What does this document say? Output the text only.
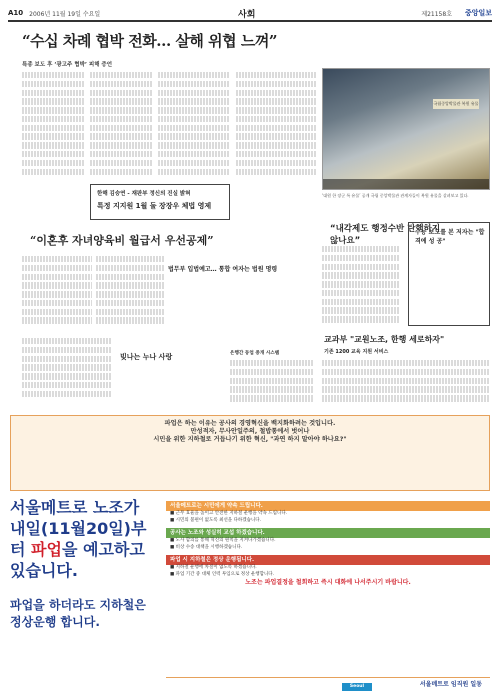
A10 2006년 11월 19일 수요일	사회	제21158호 중앙일보
“수십 차례 협박 전화… 살해 위협 느껴”
특종 보도 후 ‘광고주 협박’ 피해 증언
국립중앙박물관 복원 유물
‘대원 한 장군 특 유물’ 공개 국립 중앙박물관 관계자들이 복원 유물을 살펴보고 있다.
한해 김승연 - 재판부 정신의 진실 밝혀
특정 지지원 1월 둘 장장우 체법 영제
“내각제도 행정수반 탄핵하지 않나요”
수능 보도를 본 저자는 "합격에 성 공"
“이혼후 자녀양육비 월급서 우선공제”
법무부 입법예고… 통합 여자는 법원 명령
빚나는 누나 사랑	은행간 동업 중개 시스템
교과부 "교원노조, 한행 세로하자"
기존 1200 교육 지원 서비스
파업은 하는 이유는 공사의 경영혁신을 백지화하려는 것입니다.
만성적자, 무사안일주의, 철밥통에서 벗어나
시민을 위한 지하철로 거듭나기 위한 혁신, "과연 하지 말아야 하나요?"
서울메트로 노조가 내일(11월20일)부터 파업을 예고하고 있습니다.
파업을 하더라도 지하철은 정상운행 합니다.
서울메트로는 시민에게 약속 드립니다.
■ 근무 효율을 높이고 안전한 지하철 운행을 약속 드립니다.
■ 시민의 불편이 없도록 최선을 다하겠습니다.
공사는 노조와 성실히 교섭 하겠습니다.
■ 노사 합의를 통해 혁신의 원칙을 지켜나가겠습니다.
■ 비상 수송 대책을 시행하겠습니다.
파업 시 지하철은 정상 운행됩니다.
■ 지하철 운행에 차질이 없도록 하겠습니다.
■ 파업 기간 중 대체 인력 투입으로 정상 운행합니다.
노조는 파업결정을 철회하고 즉시 대화에 나서주시기 바랍니다.
Seoul Metro
서울메트로 임직원 일동
